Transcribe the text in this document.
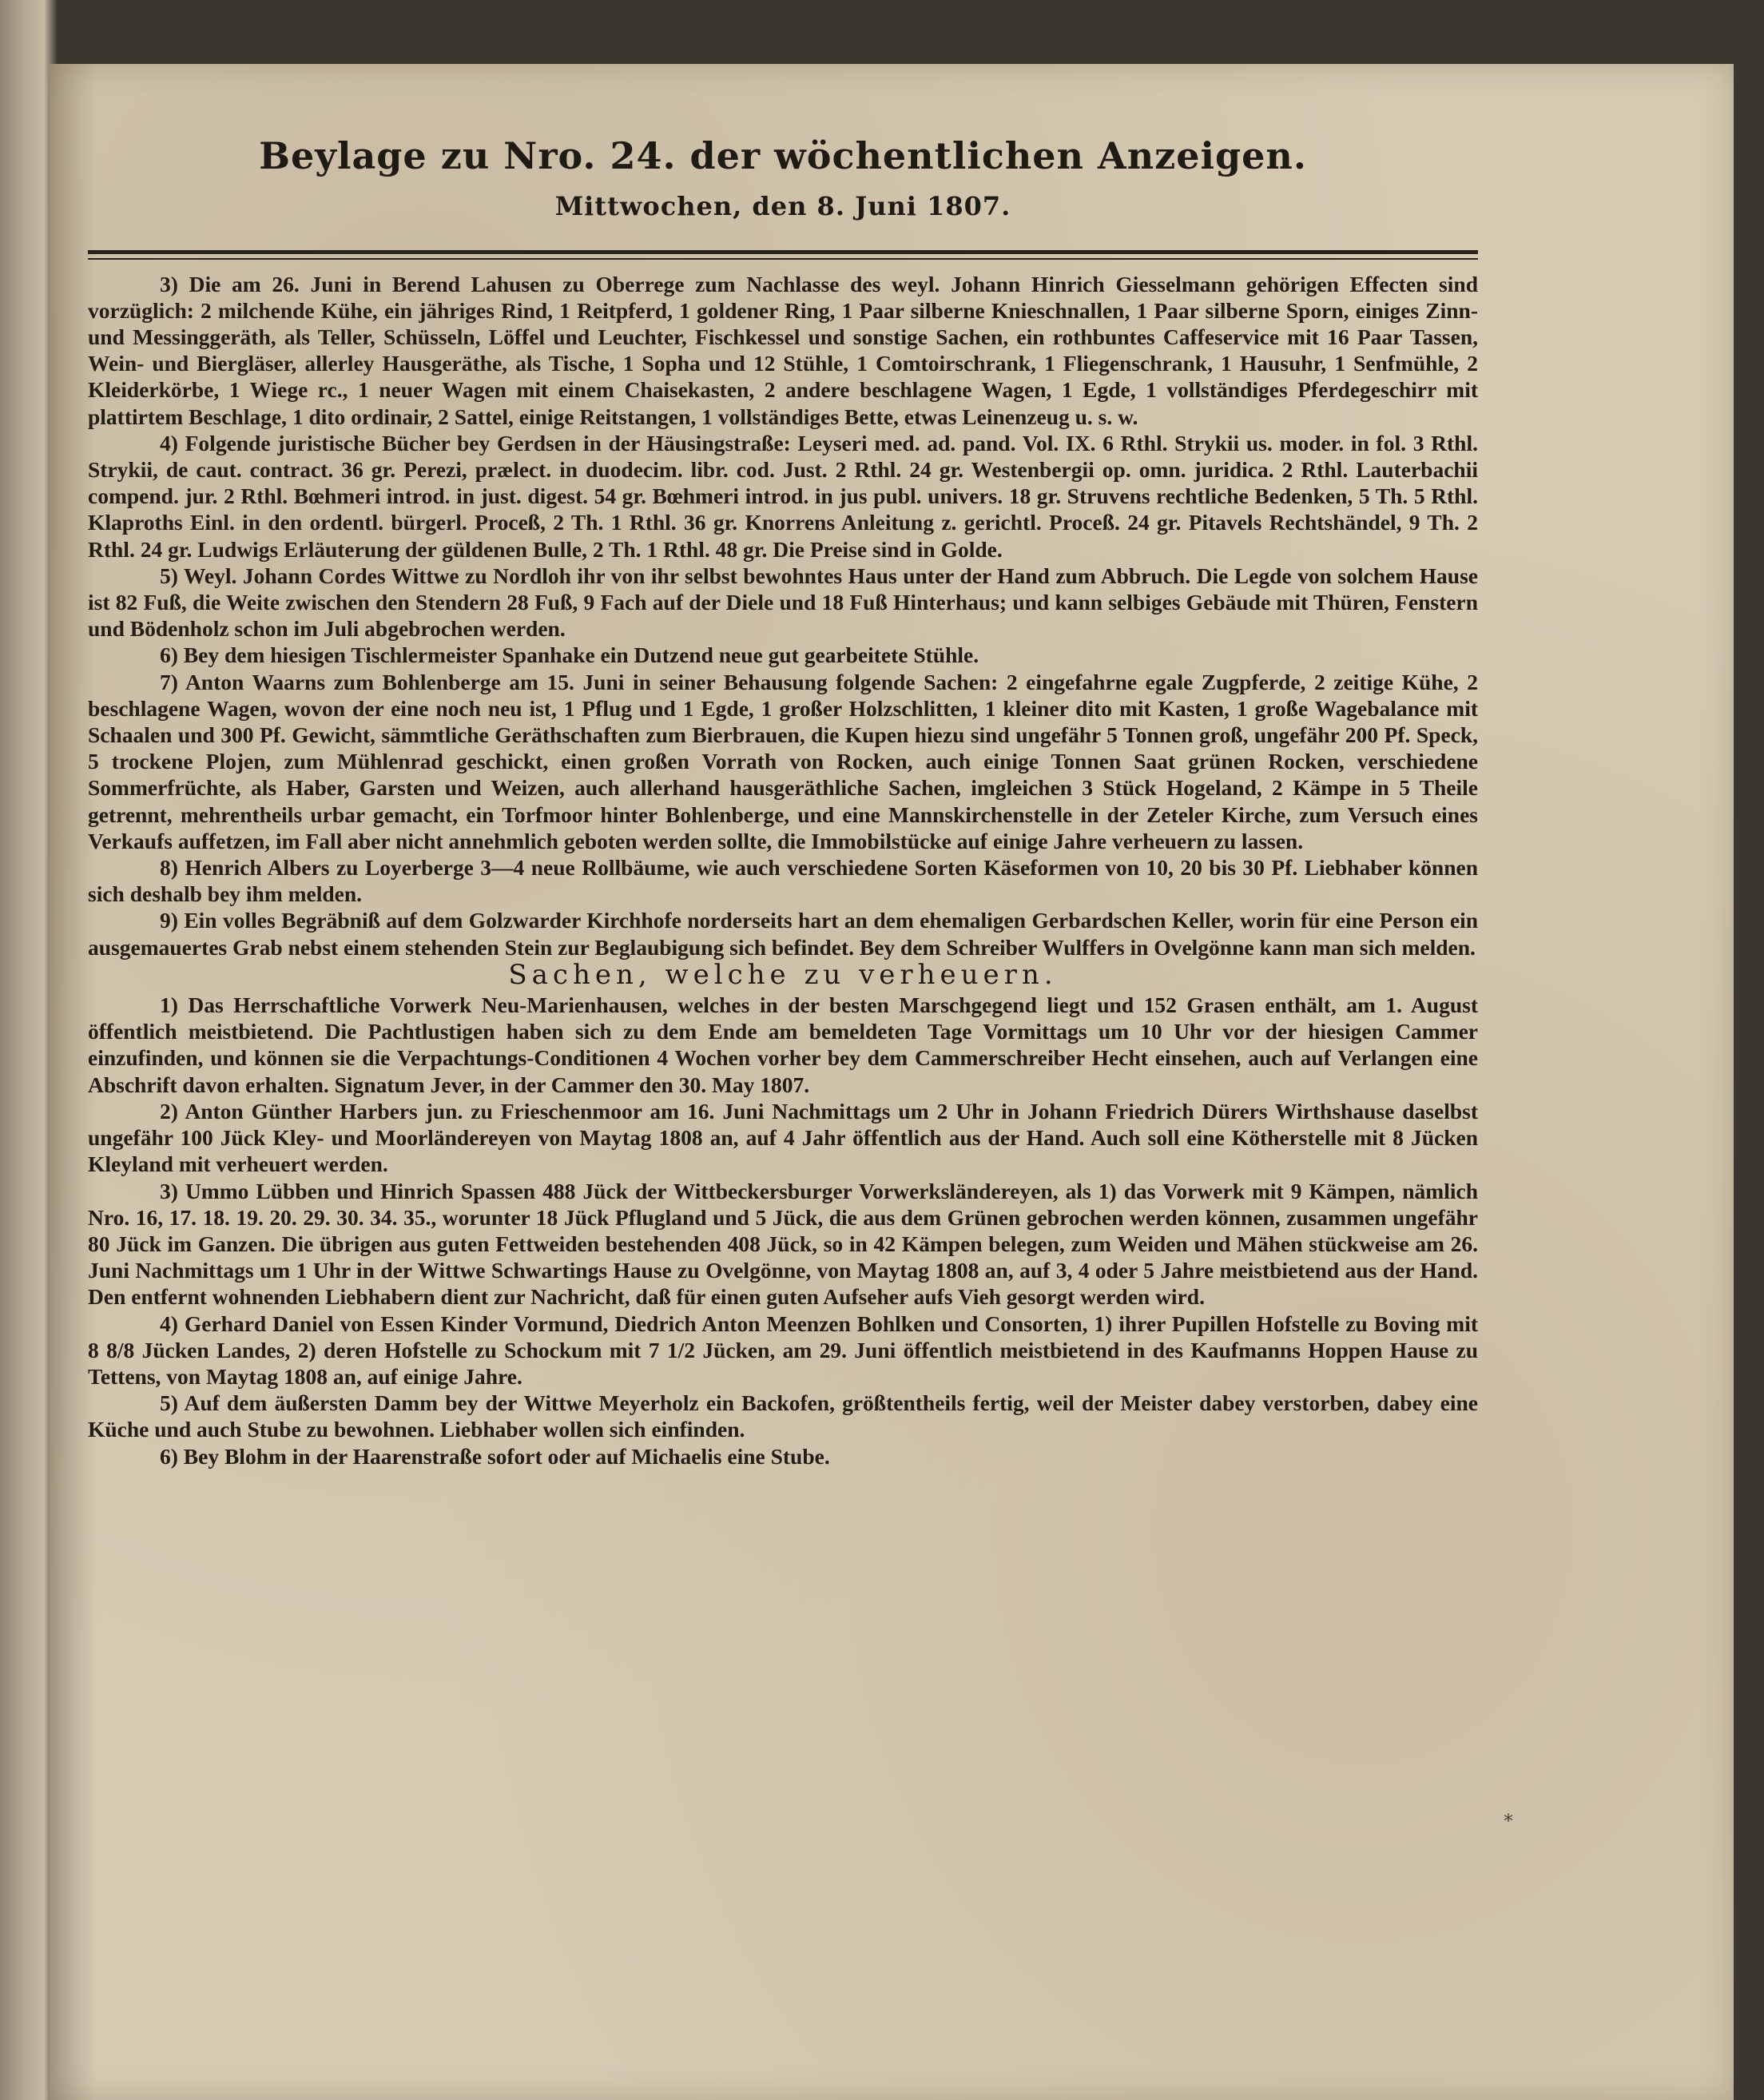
Beylage zu Nro. 24. der wöchentlichen Anzeigen.
Mittwochen, den 8. Juni 1807.

3) Die am 26. Juni in Berend Lahusen zu Oberrege zum Nachlasse des weyl. Johann Hinrich Giesselmann gehörigen Effecten sind vorzüglich: 2 milchende Kühe, ein jähriges Rind, 1 Reitpferd, 1 goldener Ring, 1 Paar silberne Knieschnallen, 1 Paar silberne Sporn, einiges Zinn- und Messinggeräth, als Teller, Schüsseln, Löffel und Leuchter, Fischkessel und sonstige Sachen, ein rothbuntes Caffeservice mit 16 Paar Tassen, Wein- und Biergläser, allerley Hausgeräthe, als Tische, 1 Sopha und 12 Stühle, 1 Comtoirschrank, 1 Fliegenschrank, 1 Hausuhr, 1 Senfmühle, 2 Kleiderkörbe, 1 Wiege rc., 1 neuer Wagen mit einem Chaisekasten, 2 andere beschlagene Wagen, 1 Egde, 1 vollständiges Pferdegeschirr mit plattirtem Beschlage, 1 dito ordinair, 2 Sattel, einige Reitstangen, 1 vollständiges Bette, etwas Leinenzeug u. s. w.

4) Folgende juristische Bücher bey Gerdsen in der Häusingstraße: Leyseri med. ad. pand. Vol. IX. 6 Rthl. Strykii us. moder. in fol. 3 Rthl. Strykii, de caut. contract. 36 gr. Perezi, prælect. in duodecim. libr. cod. Just. 2 Rthl. 24 gr. Westenbergii op. omn. juridica. 2 Rthl. Lauterbachii compend. jur. 2 Rthl. Bœhmeri introd. in just. digest. 54 gr. Bœhmeri introd. in jus publ. univers. 18 gr. Struvens rechtliche Bedenken, 5 Th. 5 Rthl. Klaproths Einl. in den ordentl. bürgerl. Proceß, 2 Th. 1 Rthl. 36 gr. Knorrens Anleitung z. gerichtl. Proceß. 24 gr. Pitavels Rechtshändel, 9 Th. 2 Rthl. 24 gr. Ludwigs Erläuterung der güldenen Bulle, 2 Th. 1 Rthl. 48 gr. Die Preise sind in Golde.

5) Weyl. Johann Cordes Wittwe zu Nordloh ihr von ihr selbst bewohntes Haus unter der Hand zum Abbruch. Die Legde von solchem Hause ist 82 Fuß, die Weite zwischen den Stendern 28 Fuß, 9 Fach auf der Diele und 18 Fuß Hinterhaus; und kann selbiges Gebäude mit Thüren, Fenstern und Bödenholz schon im Juli abgebrochen werden.

6) Bey dem hiesigen Tischlermeister Spanhake ein Dutzend neue gut gearbeitete Stühle.

7) Anton Waarns zum Bohlenberge am 15. Juni in seiner Behausung folgende Sachen: 2 eingefahrne egale Zugpferde, 2 zeitige Kühe, 2 beschlagene Wagen, wovon der eine noch neu ist, 1 Pflug und 1 Egde, 1 großer Holzschlitten, 1 kleiner dito mit Kasten, 1 große Wagebalance mit Schaalen und 300 Pf. Gewicht, sämmtliche Geräthschaften zum Bierbrauen, die Kupen hiezu sind ungefähr 5 Tonnen groß, ungefähr 200 Pf. Speck, 5 trockene Plojen, zum Mühlenrad geschickt, einen großen Vorrath von Rocken, auch einige Tonnen Saat grünen Rocken, verschiedene Sommerfrüchte, als Haber, Garsten und Weizen, auch allerhand hausgeräthliche Sachen, imgleichen 3 Stück Hogeland, 2 Kämpe in 5 Theile getrennt, mehrentheils urbar gemacht, ein Torfmoor hinter Bohlenberge, und eine Mannskirchenstelle in der Zeteler Kirche, zum Versuch eines Verkaufs auffetzen, im Fall aber nicht annehmlich geboten werden sollte, die Immobilstücke auf einige Jahre verheuern zu lassen.

8) Henrich Albers zu Loyerberge 3—4 neue Rollbäume, wie auch verschiedene Sorten Käseformen von 10, 20 bis 30 Pf. Liebhaber können sich deshalb bey ihm melden.

9) Ein volles Begräbniß auf dem Golzwarder Kirchhofe norderseits hart an dem ehemaligen Gerbardschen Keller, worin für eine Person ein ausgemauertes Grab nebst einem stehenden Stein zur Beglaubigung sich befindet. Bey dem Schreiber Wulffers in Ovelgönne kann man sich melden.

Sachen, welche zu verheuern.

1) Das Herrschaftliche Vorwerk Neu-Marienhausen, welches in der besten Marschgegend liegt und 152 Grasen enthält, am 1. August öffentlich meistbietend. Die Pachtlustigen haben sich zu dem Ende am bemeldeten Tage Vormittags um 10 Uhr vor der hiesigen Cammer einzufinden, und können sie die Verpachtungs-Conditionen 4 Wochen vorher bey dem Cammerschreiber Hecht einsehen, auch auf Verlangen eine Abschrift davon erhalten. Signatum Jever, in der Cammer den 30. May 1807.

2) Anton Günther Harbers jun. zu Frieschenmoor am 16. Juni Nachmittags um 2 Uhr in Johann Friedrich Dürers Wirthshause daselbst ungefähr 100 Jück Kley- und Moorländereyen von Maytag 1808 an, auf 4 Jahr öffentlich aus der Hand. Auch soll eine Kötherstelle mit 8 Jücken Kleyland mit verheuert werden.

3) Ummo Lübben und Hinrich Spassen 488 Jück der Wittbeckersburger Vorwerksländereyen, als 1) das Vorwerk mit 9 Kämpen, nämlich Nro. 16, 17. 18. 19. 20. 29. 30. 34. 35., worunter 18 Jück Pflugland und 5 Jück, die aus dem Grünen gebrochen werden können, zusammen ungefähr 80 Jück im Ganzen. Die übrigen aus guten Fettweiden bestehenden 408 Jück, so in 42 Kämpen belegen, zum Weiden und Mähen stückweise am 26. Juni Nachmittags um 1 Uhr in der Wittwe Schwartings Hause zu Ovelgönne, von Maytag 1808 an, auf 3, 4 oder 5 Jahre meistbietend aus der Hand. Den entfernt wohnenden Liebhabern dient zur Nachricht, daß für einen guten Aufseher aufs Vieh gesorgt werden wird.

4) Gerhard Daniel von Essen Kinder Vormund, Diedrich Anton Meenzen Bohlken und Consorten, 1) ihrer Pupillen Hofstelle zu Boving mit 8 8/8 Jücken Landes, 2) deren Hofstelle zu Schockum mit 7 1/2 Jücken, am 29. Juni öffentlich meistbietend in des Kaufmanns Hoppen Hause zu Tettens, von Maytag 1808 an, auf einige Jahre.

5) Auf dem äußersten Damm bey der Wittwe Meyerholz ein Backofen, größtentheils fertig, weil der Meister dabey verstorben, dabey eine Küche und auch Stube zu bewohnen. Liebhaber wollen sich einfinden.

6) Bey Blohm in der Haarenstraße sofort oder auf Michaelis eine Stube.

*
